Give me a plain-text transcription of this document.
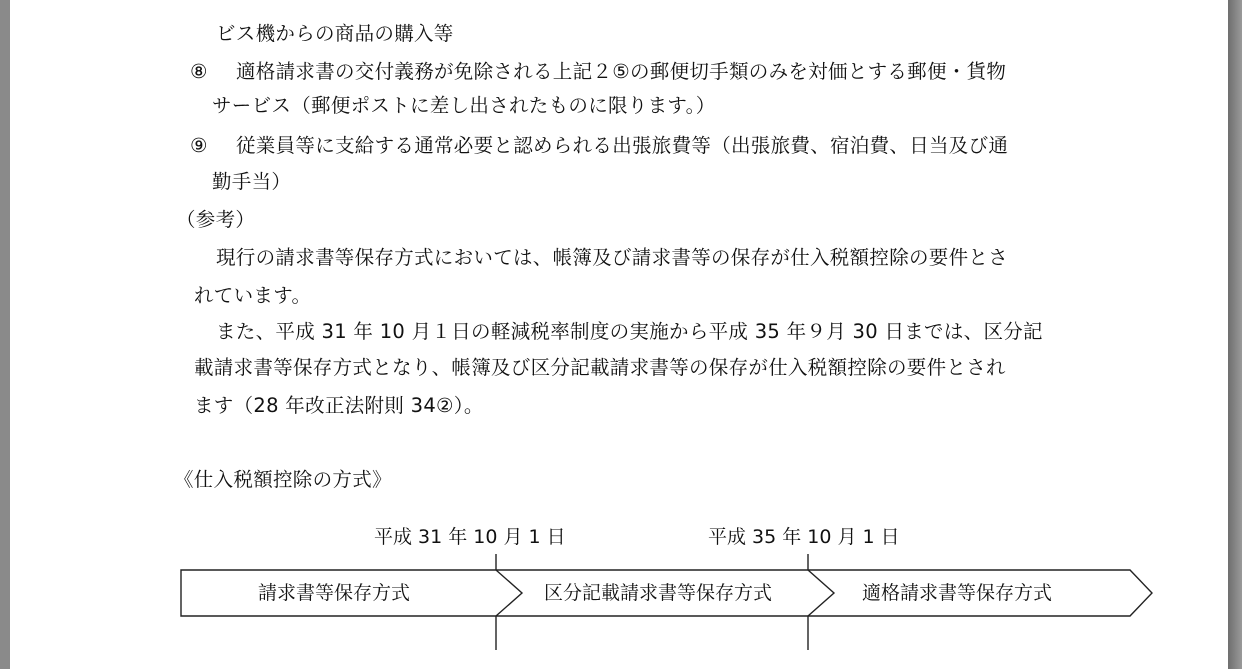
ビス機からの商品の購入等
⑧ 適格請求書の交付義務が免除される上記２⑤の郵便切手類のみを対価とする郵便・貨物
サービス（郵便ポストに差し出されたものに限ります。）
⑨ 従業員等に支給する通常必要と認められる出張旅費等（出張旅費、宿泊費、日当及び通
勤手当）
（参考）
現行の請求書等保存方式においては、帳簿及び請求書等の保存が仕入税額控除の要件とさ
れています。
また、平成 31 年 10 月１日の軽減税率制度の実施から平成 35 年９月 30 日までは、区分記
載請求書等保存方式となり、帳簿及び区分記載請求書等の保存が仕入税額控除の要件とされ
ます（28 年改正法附則 34②）。
《仕入税額控除の方式》
平成 31 年 10 月 1 日	平成 35 年 10 月 1 日
請求書等保存方式	区分記載請求書等保存方式	適格請求書等保存方式
